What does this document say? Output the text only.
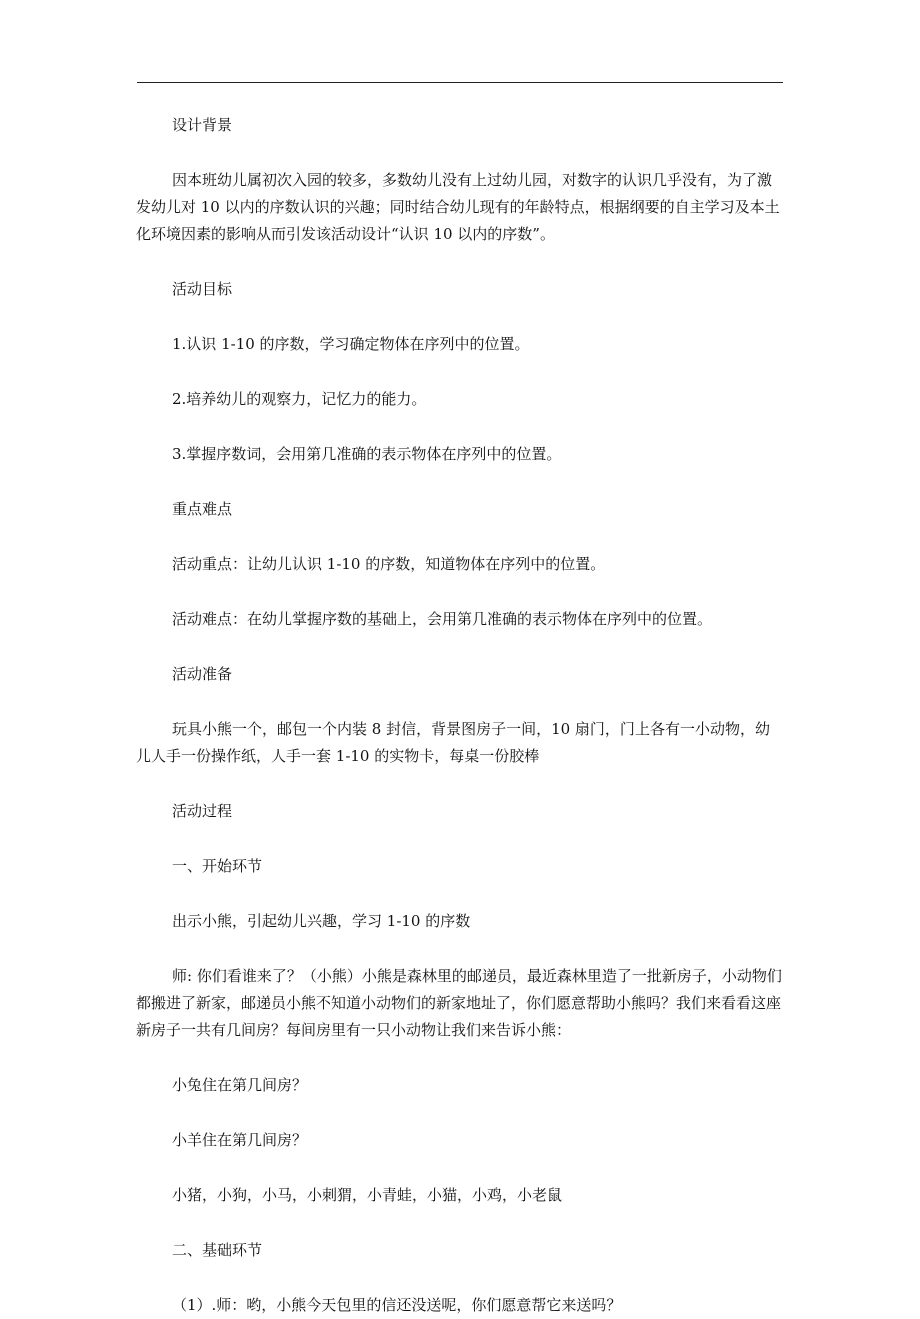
设计背景

因本班幼儿属初次入园的较多，多数幼儿没有上过幼儿园，对数字的认识几乎没有，为了激发幼儿对 10 以内的序数认识的兴趣；同时结合幼儿现有的年龄特点，根据纲要的自主学习及本土化环境因素的影响从而引发该活动设计“认识 10 以内的序数”。

活动目标

1.认识 1-10 的序数，学习确定物体在序列中的位置。

2.培养幼儿的观察力，记忆力的能力。

3.掌握序数词，会用第几准确的表示物体在序列中的位置。

重点难点

活动重点：让幼儿认识 1-10 的序数，知道物体在序列中的位置。

活动难点：在幼儿掌握序数的基础上，会用第几准确的表示物体在序列中的位置。

活动准备

玩具小熊一个，邮包一个内装 8 封信，背景图房子一间，10 扇门，门上各有一小动物，幼儿人手一份操作纸，人手一套 1-10 的实物卡，每桌一份胶棒

活动过程

一、开始环节

出示小熊，引起幼儿兴趣，学习 1-10 的序数

师: 你们看谁来了？（小熊）小熊是森林里的邮递员，最近森林里造了一批新房子，小动物们都搬进了新家，邮递员小熊不知道小动物们的新家地址了，你们愿意帮助小熊吗？我们来看看这座新房子一共有几间房？每间房里有一只小动物让我们来告诉小熊：

小兔住在第几间房？

小羊住在第几间房？

小猪，小狗，小马，小刺猬，小青蛙，小猫，小鸡，小老鼠

二、基础环节

（1）.师：哟，小熊今天包里的信还没送呢，你们愿意帮它来送吗？
